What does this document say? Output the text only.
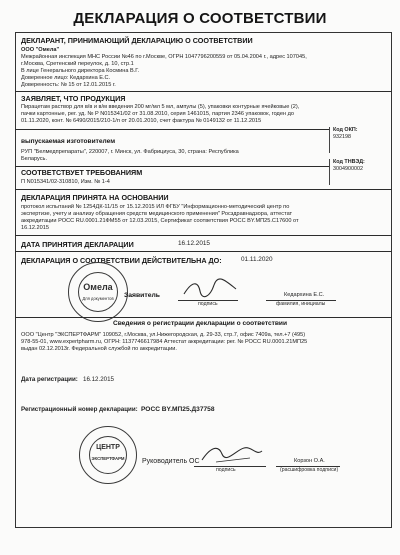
ДЕКЛАРАЦИЯ О СООТВЕТСТВИИ
ДЕКЛАРАНТ, ПРИНИМАЮЩИЙ ДЕКЛАРАЦИЮ О СООТВЕТСТВИИ
ООО "Омела"
Межрайонная инспекция МНС России №46 по г.Москве, ОГРН 1047796200559 от 05.04.2004 г., адрес 107045,
г.Москва, Сретенский переулок, д. 10, стр.1
В лице Генерального директора Космина В.Г.
Доверенное лицо: Кедархина Е.С.
Доверенность: № 15 от 12.01.2015 г.
ЗАЯВЛЯЕТ, ЧТО ПРОДУКЦИЯ
Пирацетам раствор для в/в и в/м введения 200 мг/мл 5 мл, ампулы (5), упаковки контурные ячейковые (2),
пачки картонные, рег. уд. № Р N015341/02 от 31.08.2010, серия 1461015, партия 2346 упаковок, годен до
01.11.2020, конт. № 6490/2015/210-1/п от 20.01.2010, счет фактура № 0149132 от 11.12.2015
Код ОКП:
932198
Код ТНВЭД:
3004900002
выпускаемая изготовителем
РУП "Белмедпрепараты", 220007, г. Минск, ул. Фабрициуса, 30, страна: Республика
Беларусь.
СООТВЕТСТВУЕТ ТРЕБОВАНИЯМ
П N015341/02-310810, Изм. № 1-4
ДЕКЛАРАЦИЯ ПРИНЯТА НА ОСНОВАНИИ
протокол испытаний № 1254ДК-11/15 от 15.12.2015 ИЛ ФГБУ "Информационно-методический центр по
экспертизе, учету и анализу обращения средств медицинского применения" Росздравнадзора, аттестат
аккредитации РОСС RU.0001.21ФМ55 от 12.03.2015, Сертификат соответствия РОСС BY.МП25.С17600 от
16.12.2015
ДАТА ПРИНЯТИЯ ДЕКЛАРАЦИИ	16.12.2015
ДЕКЛАРАЦИЯ О СООТВЕТСТВИИ ДЕЙСТВИТЕЛЬНА ДО:	01.11.2020
Омела
Для документов	Заявитель
подпись
Кедархина Е.С.
фамилия, инициалы
Сведения о регистрации декларации о соответствии
ООО "Центр "ЭКСПЕРТФАРМ" 109052, г.Москва, ул.Нижегородская, д. 29-33, стр.7, офис 7409а, тел.+7 (495)
978-55-01, www.expertpharm.ru, ОГРН: 1137746617984 Аттестат аккредитации: рег. № РОСС RU.0001.21МП25
выдан 02.12.2013г. Федеральной службой по аккредитации.
Дата регистрации: 16.12.2015
Регистрационный номер декларации: РОСС BY.МП25.Д37758
ЦЕНТР
ЭКСПЕРТФАРМ	Руководитель ОС
подпись
Корзон О.А.
(расшифровка подписи)
